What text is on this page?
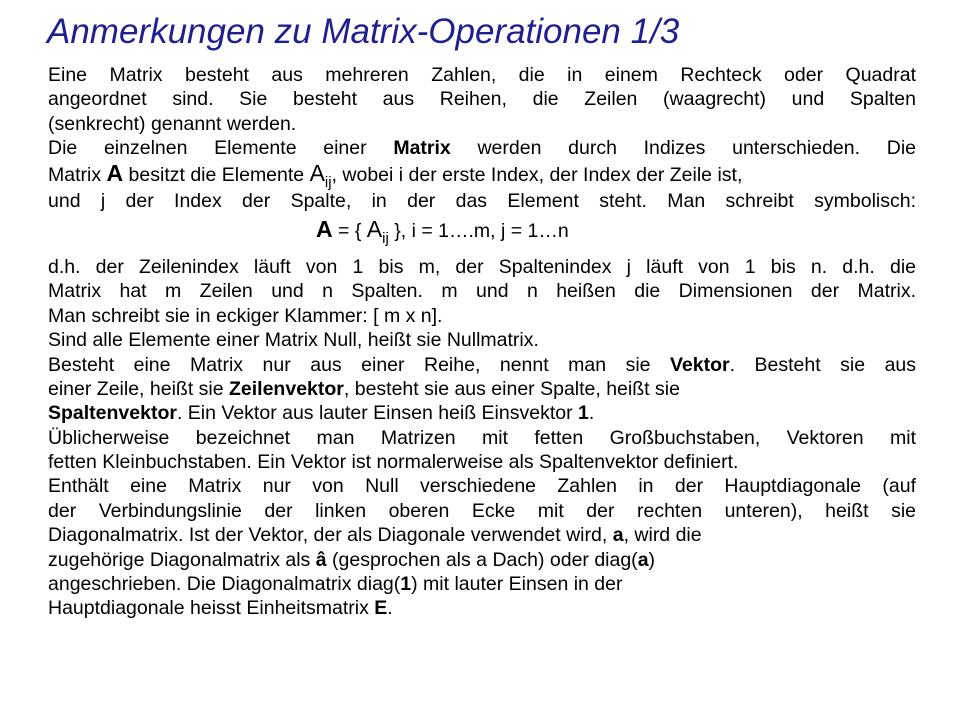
Anmerkungen zu Matrix-Operationen 1/3
Eine Matrix besteht aus mehreren Zahlen, die in einem Rechteck oder Quadrat
angeordnet sind. Sie besteht aus Reihen, die Zeilen (waagrecht) und Spalten
(senkrecht) genannt werden.
Die einzelnen Elemente einer Matrix werden durch Indizes unterschieden. Die
Matrix A besitzt die Elemente $A_{ij}$, wobei i der erste Index, der Index der Zeile ist,
und j der Index der Spalte, in der das Element steht. Man schreibt symbolisch:
A = { $A_{ij}$ }, i = 1….m, j = 1…n
d.h. der Zeilenindex läuft von 1 bis m, der Spaltenindex j läuft von 1 bis n. d.h. die
Matrix hat m Zeilen und n Spalten. m und n heißen die Dimensionen der Matrix.
Man schreibt sie in eckiger Klammer: [ m x n].
Sind alle Elemente einer Matrix Null, heißt sie Nullmatrix.
Besteht eine Matrix nur aus einer Reihe, nennt man sie Vektor. Besteht sie aus
einer Zeile, heißt sie Zeilenvektor, besteht sie aus einer Spalte, heißt sie
Spaltenvektor. Ein Vektor aus lauter Einsen heiß Einsvektor 1.
Üblicherweise bezeichnet man Matrizen mit fetten Großbuchstaben, Vektoren mit
fetten Kleinbuchstaben. Ein Vektor ist normalerweise als Spaltenvektor definiert.
Enthält eine Matrix nur von Null verschiedene Zahlen in der Hauptdiagonale (auf
der Verbindungslinie der linken oberen Ecke mit der rechten unteren), heißt sie
Diagonalmatrix. Ist der Vektor, der als Diagonale verwendet wird, a, wird die
zugehörige Diagonalmatrix als â (gesprochen als a Dach) oder diag(a)
angeschrieben. Die Diagonalmatrix diag(1) mit lauter Einsen in der
Hauptdiagonale heisst Einheitsmatrix E.
